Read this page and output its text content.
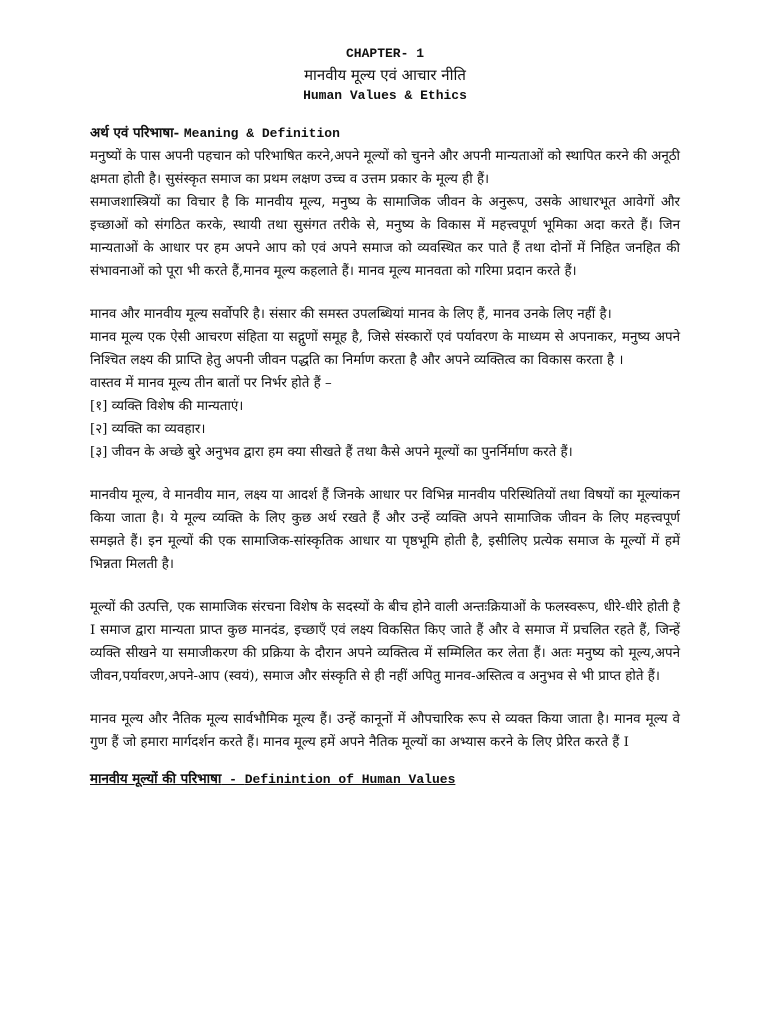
CHAPTER- 1
मानवीय मूल्य एवं आचार नीति
Human Values & Ethics
अर्थ एवं परिभाषा- Meaning & Definition

मनुष्यों के पास अपनी पहचान को परिभाषित करने,अपने मूल्यों को चुनने और अपनी मान्यताओं को स्थापित करने की अनूठी क्षमता होती है। सुसंस्कृत समाज का प्रथम लक्षण उच्च व उत्तम प्रकार के मूल्य ही हैं।

समाजशास्त्रियों का विचार है कि मानवीय मूल्य, मनुष्य के सामाजिक जीवन के अनुरूप, उसके आधारभूत आवेगों और इच्छाओं को संगठित करके, स्थायी तथा सुसंगत तरीके से, मनुष्य के विकास में महत्त्वपूर्ण भूमिका अदा करते हैं। जिन मान्यताओं के आधार पर हम अपने आप को एवं अपने समाज को व्यवस्थित कर पाते हैं तथा दोनों में निहित जनहित की संभावनाओं को पूरा भी करते हैं,मानव मूल्य कहलाते हैं। मानव मूल्य मानवता को गरिमा प्रदान करते हैं।

मानव और मानवीय मूल्य सर्वोपरि है। संसार की समस्त उपलब्धियां मानव के लिए हैं, मानव उनके लिए नहीं है।

मानव मूल्य एक ऐसी आचरण संहिता या सद्गुणों समूह है, जिसे संस्कारों एवं पर्यावरण के माध्यम से अपनाकर, मनुष्य अपने निश्चित लक्ष्य की प्राप्ति हेतु अपनी जीवन पद्धति का निर्माण करता है और अपने व्यक्तित्व का विकास करता है ।

वास्तव में मानव मूल्य तीन बातों पर निर्भर होते हैं –

[१] व्यक्ति विशेष की मान्यताएं।

[२] व्यक्ति का व्यवहार।

[३] जीवन के अच्छे बुरे अनुभव द्वारा हम क्या सीखते हैं तथा कैसे अपने मूल्यों का पुनर्निर्माण करते हैं।

मानवीय मूल्य, वे मानवीय मान, लक्ष्य या आदर्श हैं जिनके आधार पर विभिन्न मानवीय परिस्थितियों तथा विषयों का मूल्यांकन किया जाता है। ये मूल्य व्यक्ति के लिए कुछ अर्थ रखते हैं और उन्हें व्यक्ति अपने सामाजिक जीवन के लिए महत्त्वपूर्ण समझते हैं। इन मूल्यों की एक सामाजिक-सांस्कृतिक आधार या पृष्ठभूमि होती है, इसीलिए प्रत्येक समाज के मूल्यों में हमें भिन्नता मिलती है।

मूल्यों की उत्पत्ति, एक सामाजिक संरचना विशेष के सदस्यों के बीच होने वाली अन्तःक्रियाओं के फलस्वरूप, धीरे-धीरे होती है I समाज द्वारा मान्यता प्राप्त कुछ मानदंड, इच्छाएँ एवं लक्ष्य विकसित किए जाते हैं और वे समाज में प्रचलित रहते हैं, जिन्हें व्यक्ति सीखने या समाजीकरण की प्रक्रिया के दौरान अपने व्यक्तित्व में सम्मिलित कर लेता हैं। अतः मनुष्य को मूल्य,अपने जीवन,पर्यावरण,अपने-आप (स्वयं), समाज और संस्कृति से ही नहीं अपितु मानव-अस्तित्व व अनुभव से भी प्राप्त होते हैं।

मानव मूल्य और नैतिक मूल्य सार्वभौमिक मूल्य हैं। उन्हें कानूनों में औपचारिक रूप से व्यक्त किया जाता है। मानव मूल्य वे गुण हैं जो हमारा मार्गदर्शन करते हैं। मानव मूल्य हमें अपने नैतिक मूल्यों का अभ्यास करने के लिए प्रेरित करते हैं I

मानवीय मूल्यों की परिभाषा - Definintion of Human Values
